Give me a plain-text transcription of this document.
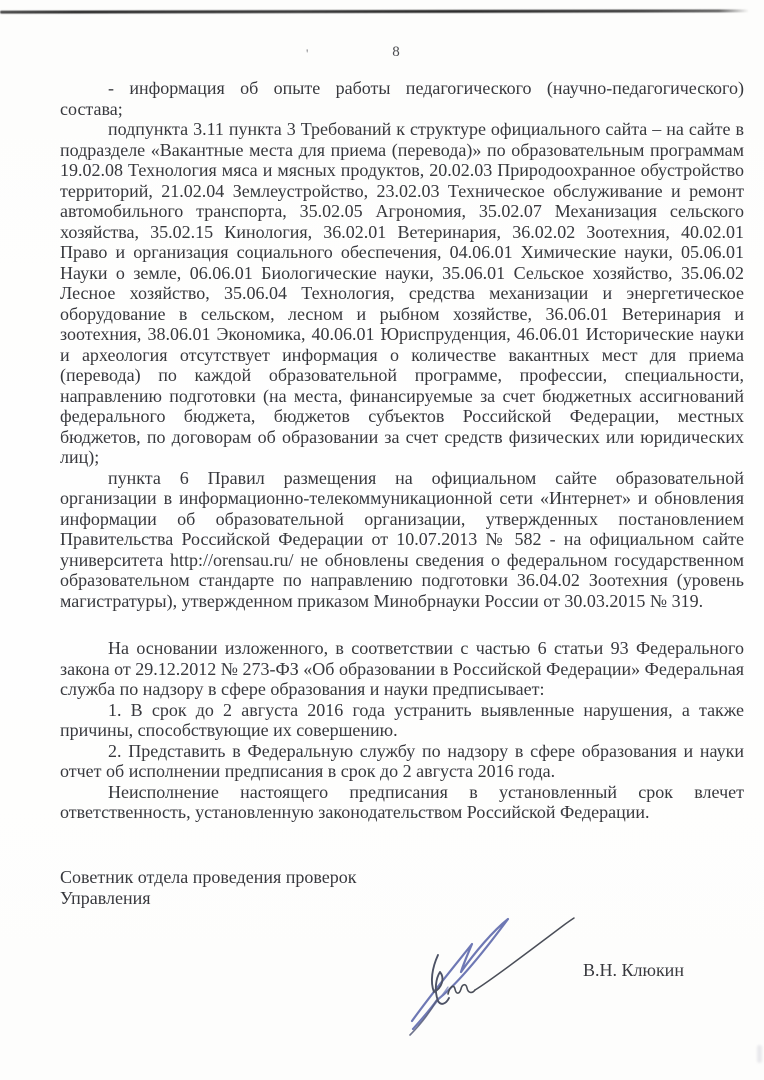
'	8

- информация об опыте работы педагогического (научно-педагогического) состава;

подпункта 3.11 пункта 3 Требований к структуре официального сайта – на сайте в подразделе «Вакантные места для приема (перевода)» по образовательным программам 19.02.08 Технология мяса и мясных продуктов, 20.02.03 Природоохранное обустройство территорий, 21.02.04 Землеустройство, 23.02.03 Техническое обслуживание и ремонт автомобильного транспорта, 35.02.05 Агрономия, 35.02.07 Механизация сельского хозяйства, 35.02.15 Кинология, 36.02.01 Ветеринария, 36.02.02 Зоотехния, 40.02.01 Право и организация социального обеспечения, 04.06.01 Химические науки, 05.06.01 Науки о земле, 06.06.01 Биологические науки, 35.06.01 Сельское хозяйство, 35.06.02 Лесное хозяйство, 35.06.04 Технология, средства механизации и энергетическое оборудование в сельском, лесном и рыбном хозяйстве, 36.06.01 Ветеринария и зоотехния, 38.06.01 Экономика, 40.06.01 Юриспруденция, 46.06.01 Исторические науки и археология отсутствует информация о количестве вакантных мест для приема (перевода) по каждой образовательной программе, профессии, специальности, направлению подготовки (на места, финансируемые за счет бюджетных ассигнований федерального бюджета, бюджетов субъектов Российской Федерации, местных бюджетов, по договорам об образовании за счет средств физических или юридических лиц);

пункта 6 Правил размещения на официальном сайте образовательной организации в информационно-телекоммуникационной сети «Интернет» и обновления информации об образовательной организации, утвержденных постановлением Правительства Российской Федерации от 10.07.2013 № 582 - на официальном сайте университета http://orensau.ru/ не обновлены сведения о федеральном государственном образовательном стандарте по направлению подготовки 36.04.02 Зоотехния (уровень магистратуры), утвержденном приказом Минобрнауки России от 30.03.2015 № 319.

На основании изложенного, в соответствии с частью 6 статьи 93 Федерального закона от 29.12.2012 № 273-ФЗ «Об образовании в Российской Федерации» Федеральная служба по надзору в сфере образования и науки предписывает:

1. В срок до 2 августа 2016 года устранить выявленные нарушения, а также причины, способствующие их совершению.

2. Представить в Федеральную службу по надзору в сфере образования и науки отчет об исполнении предписания в срок до 2 августа 2016 года.

Неисполнение настоящего предписания в установленный срок влечет ответственность, установленную законодательством Российской Федерации.

Советник отдела проведения проверок
Управления
В.Н. Клюкин
